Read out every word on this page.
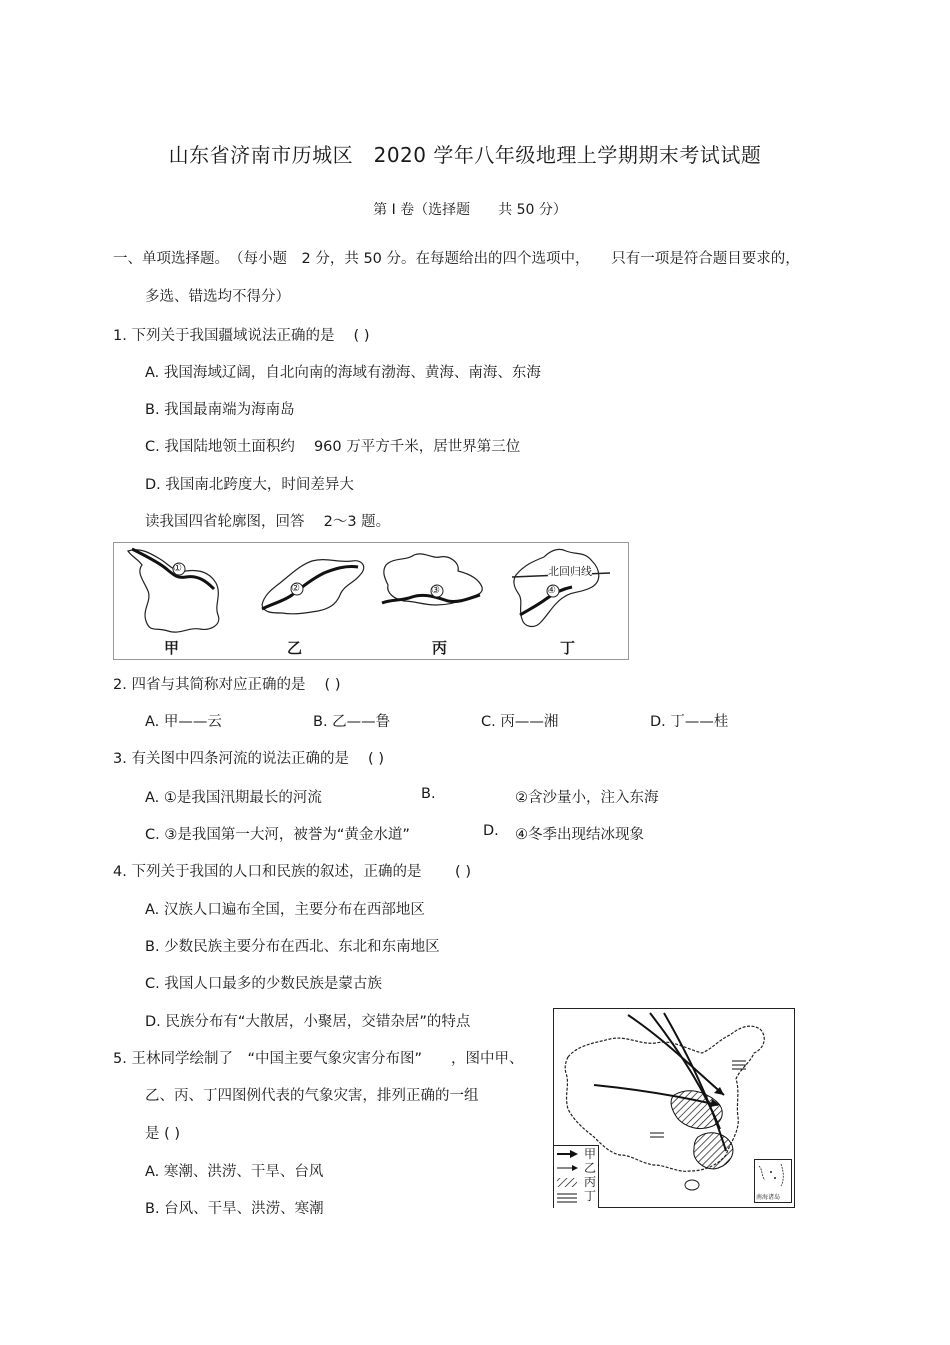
山东省济南市历城区　2020 学年八年级地理上学期期末考试试题
第 I 卷（选择题　　共 50 分）
一、单项选择题。　（每小题　2 分，共 50 分。在每题给出的四个选项中，　　只有一项是符合题目要求的，
多选、错选均不得分）
1. 下列关于我国疆域说法正确的是　 ( )
A. 我国海域辽阔，自北向南的海域有渤海、黄海、南海、东海
B. 我国最南端为海南岛
C. 我国陆地领土面积约　 960 万平方千米，居世界第三位
D. 我国南北跨度大，时间差异大
读我国四省轮廓图，回答　 2～3 题。
①
②	③	④
北回归线
甲	乙	丙	丁
2. 四省与其简称对应正确的是　 ( )
A. 甲——云	B. 乙——鲁	C. 丙——湘	D. 丁——桂
3. 有关图中四条河流的说法正确的是　 ( )
A. ①是我国汛期最长的河流	B.	②含沙量小，注入东海
C. ③是我国第一大河，被誉为“黄金水道”	D. ④冬季出现结冰现象
4. 下列关于我国的人口和民族的叙述，正确的是　　 ( )
A. 汉族人口遍布全国，主要分布在西部地区
B. 少数民族主要分布在西北、东北和东南地区
C. 我国人口最多的少数民族是蒙古族
D. 民族分布有“大散居，小聚居，交错杂居”的特点
5. 王林同学绘制了　“中国主要气象灾害分布图”　　，图中甲、
乙、丙、丁四图例代表的气象灾害，排列正确的一组
是 ( )
A. 寒潮、洪涝、干旱、台风
B. 台风、干旱、洪涝、寒潮
甲
乙
丙
丁	南海诸岛
